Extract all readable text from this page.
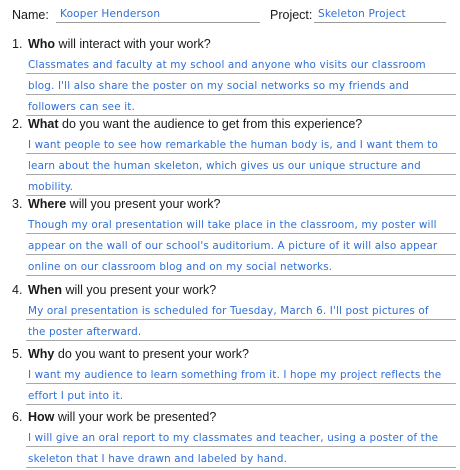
Name: Kooper Henderson	Project: Skeleton Project
1. Who will interact with your work?
Classmates and faculty at my school and anyone who visits our classroom
blog. I'll also share the poster on my social networks so my friends and
followers can see it.
2. What do you want the audience to get from this experience?
I want people to see how remarkable the human body is, and I want them to
learn about the human skeleton, which gives us our unique structure and
mobility.
3. Where will you present your work?
Though my oral presentation will take place in the classroom, my poster will
appear on the wall of our school's auditorium. A picture of it will also appear
online on our classroom blog and on my social networks.
4. When will you present your work?
My oral presentation is scheduled for Tuesday, March 6. I'll post pictures of
the poster afterward.
5. Why do you want to present your work?
I want my audience to learn something from it. I hope my project reflects the
effort I put into it.
6. How will your work be presented?
I will give an oral report to my classmates and teacher, using a poster of the
skeleton that I have drawn and labeled by hand.
